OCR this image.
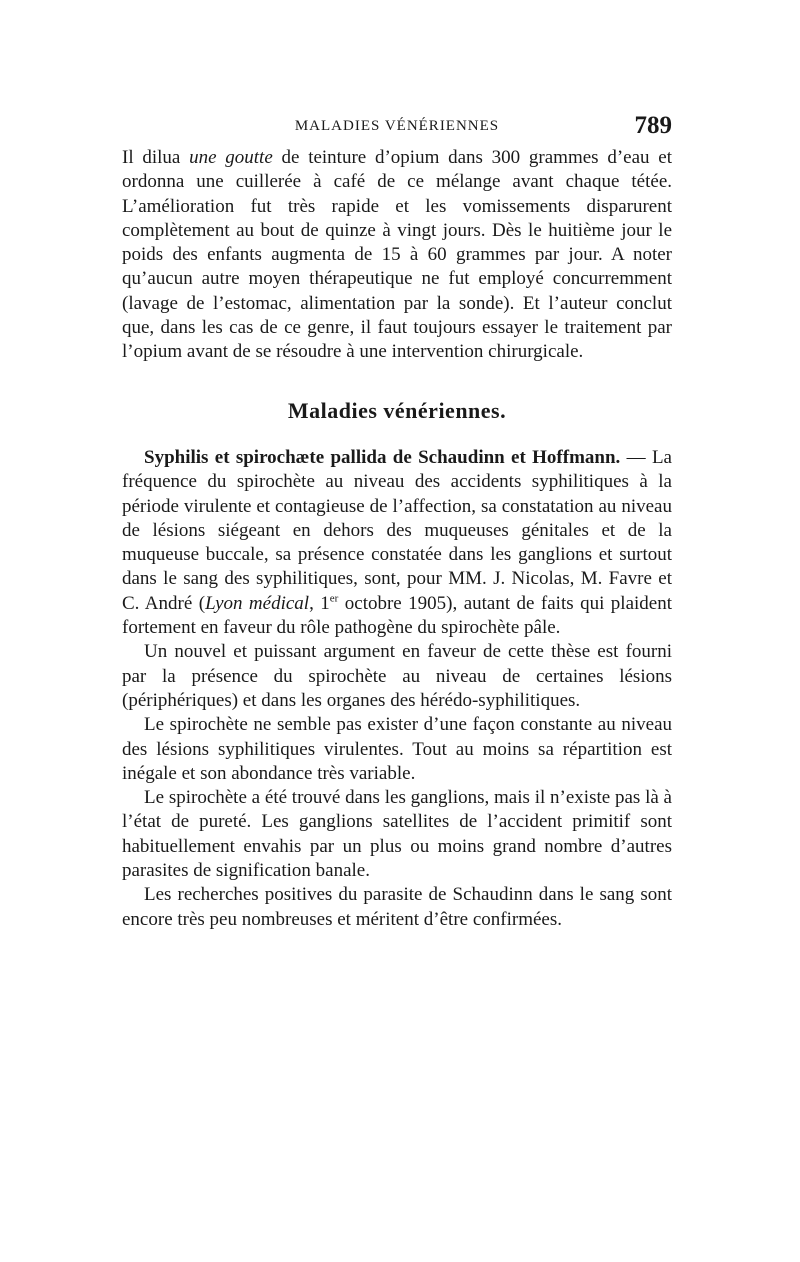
MALADIES VÉNÉRIENNES	789

Il dilua une goutte de teinture d’opium dans 300 grammes d’eau et ordonna une cuillerée à café de ce mélange avant chaque tétée. L’amélioration fut très rapide et les vomissements disparurent complètement au bout de quinze à vingt jours. Dès le huitième jour le poids des enfants augmenta de 15 à 60 grammes par jour. A noter qu’aucun autre moyen thérapeutique ne fut employé concurremment (lavage de l’estomac, alimentation par la sonde). Et l’auteur conclut que, dans les cas de ce genre, il faut toujours essayer le traitement par l’opium avant de se résoudre à une intervention chirurgicale.

Maladies vénériennes.

Syphilis et spirochæte pallida de Schaudinn et Hoffmann. — La fréquence du spirochète au niveau des accidents syphilitiques à la période virulente et contagieuse de l’affection, sa constatation au niveau de lésions siégeant en dehors des muqueuses génitales et de la muqueuse buccale, sa présence constatée dans les ganglions et surtout dans le sang des syphilitiques, sont, pour MM. J. Nicolas, M. Favre et C. André (Lyon médical, 1er octobre 1905), autant de faits qui plaident fortement en faveur du rôle pathogène du spirochète pâle.

Un nouvel et puissant argument en faveur de cette thèse est fourni par la présence du spirochète au niveau de certaines lésions (périphériques) et dans les organes des hérédo-syphilitiques.

Le spirochète ne semble pas exister d’une façon constante au niveau des lésions syphilitiques virulentes. Tout au moins sa répartition est inégale et son abondance très variable.

Le spirochète a été trouvé dans les ganglions, mais il n’existe pas là à l’état de pureté. Les ganglions satellites de l’accident primitif sont habituellement envahis par un plus ou moins grand nombre d’autres parasites de signification banale.

Les recherches positives du parasite de Schaudinn dans le sang sont encore très peu nombreuses et méritent d’être confirmées.
